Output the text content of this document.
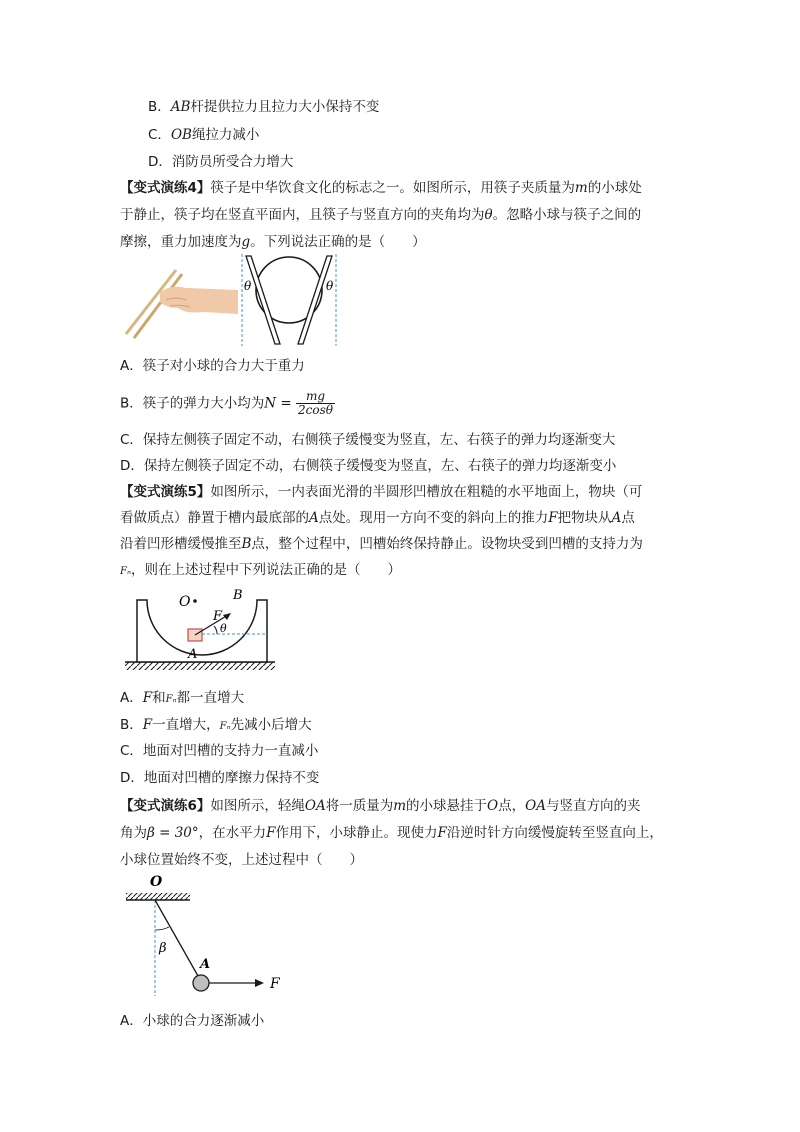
B．AB杆提供拉力且拉力大小保持不变
C．OB绳拉力减小
D．消防员所受合力增大
【变式演练4】筷子是中华饮食文化的标志之一。如图所示，用筷子夹质量为m的小球处
于静止，筷子均在竖直平面内，且筷子与竖直方向的夹角均为θ。忽略小球与筷子之间的
摩擦，重力加速度为g。下列说法正确的是（　　）
θ	θ
A．筷子对小球的合力大于重力
B．筷子的弹力大小均为$N = \frac{mg}{2\cos\theta}$
C．保持左侧筷子固定不动，右侧筷子缓慢变为竖直，左、右筷子的弹力均逐渐变大
D．保持左侧筷子固定不动，右侧筷子缓慢变为竖直，左、右筷子的弹力均逐渐变小
【变式演练5】如图所示，一内表面光滑的半圆形凹槽放在粗糙的水平地面上，物块（可
看做质点）静置于槽内最底部的A点处。现用一方向不变的斜向上的推力F把物块从A点
沿着凹形槽缓慢推至B点，整个过程中，凹槽始终保持静止。设物块受到凹槽的支持力为
Fₙ，则在上述过程中下列说法正确的是（　　）
O	B
F
θ
A
A．F和Fₙ都一直增大
B．F一直增大，Fₙ先减小后增大
C．地面对凹槽的支持力一直减小
D．地面对凹槽的摩擦力保持不变
【变式演练6】如图所示，轻绳OA将一质量为m的小球悬挂于O点，OA与竖直方向的夹
角为β = 30°，在水平力F作用下，小球静止。现使力F沿逆时针方向缓慢旋转至竖直向上，
小球位置始终不变，上述过程中（　　）
O
β
A
F
A．小球的合力逐渐减小
